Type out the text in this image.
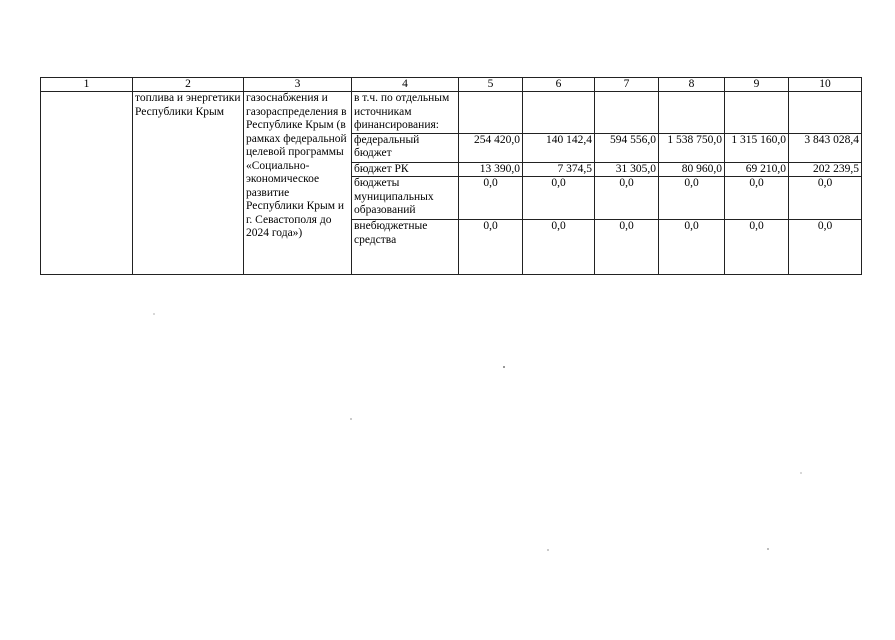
1	2	3	4	5	6	7	8	9	10

	топлива и энергетики Республики Крым	газоснабжения и газораспределения в Республике Крым (в рамках федеральной целевой программы «Социально-экономическое развитие Республики Крым и г. Севастополя до 2024 года»)	в т.ч. по отдельным источникам финансирования:						
			федеральный бюджет	254 420,0	140 142,4	594 556,0	1 538 750,0	1 315 160,0	3 843 028,4
			бюджет РК	13 390,0	7 374,5	31 305,0	80 960,0	69 210,0	202 239,5
			бюджеты муниципальных образований	0,0	0,0	0,0	0,0	0,0	0,0
			внебюджетные средства	0,0	0,0	0,0	0,0	0,0	0,0
